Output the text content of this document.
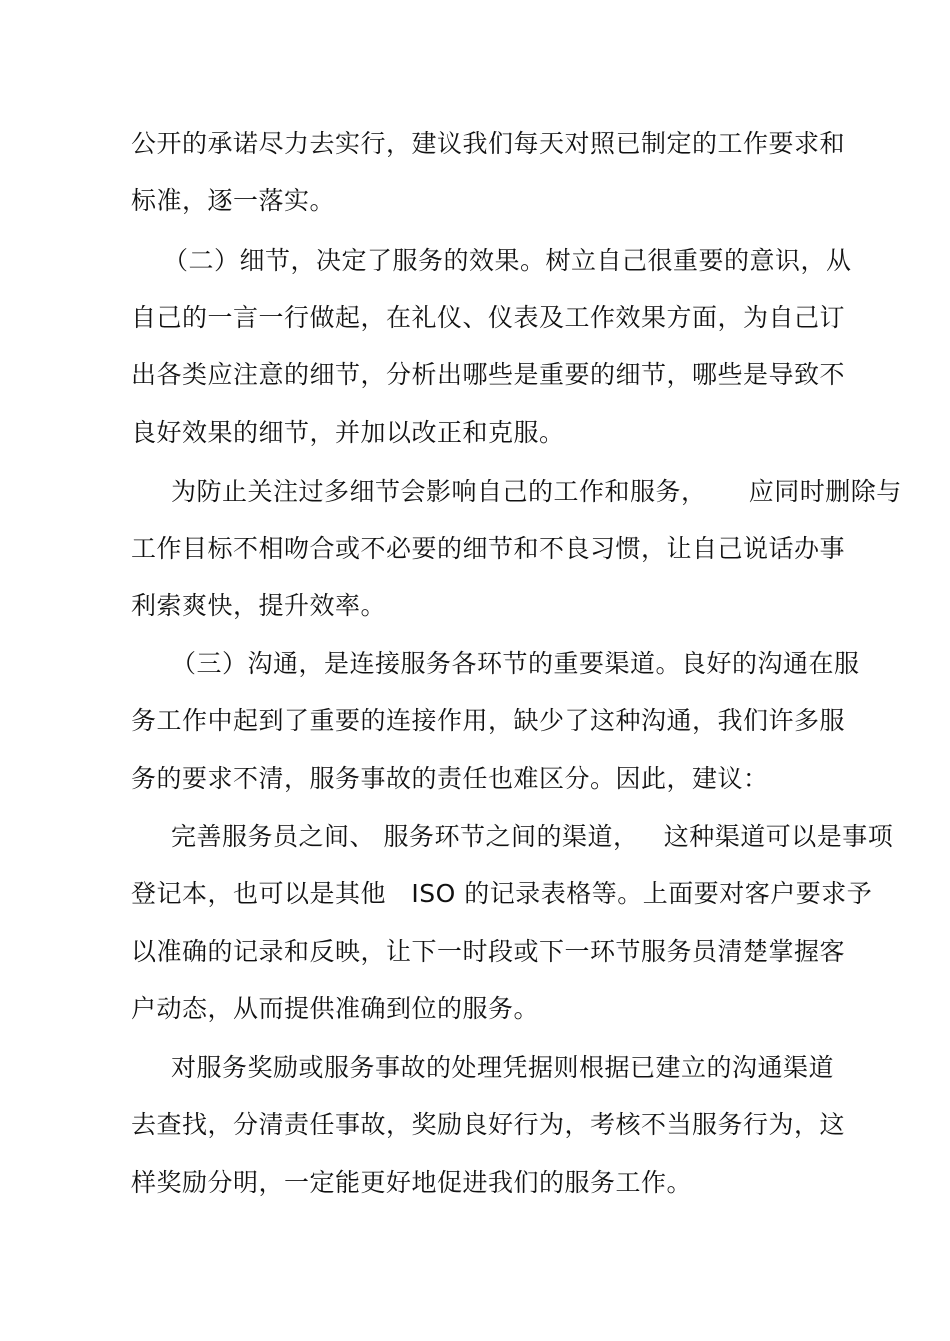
公开的承诺尽力去实行，建议我们每天对照已制定的工作要求和
标准，逐一落实。
（二）细节，决定了服务的效果。树立自己很重要的意识，从
自己的一言一行做起，在礼仪、仪表及工作效果方面，为自己订
出各类应注意的细节，分析出哪些是重要的细节，哪些是导致不
良好效果的细节，并加以改正和克服。
为防止关注过多细节会影响自己的工作和服务，     应同时删除与
工作目标不相吻合或不必要的细节和不良习惯，让自己说话办事
利索爽快，提升效率。
（三）沟通，是连接服务各环节的重要渠道。良好的沟通在服
务工作中起到了重要的连接作用，缺少了这种沟通，我们许多服
务的要求不清，服务事故的责任也难区分。因此，建议：
完善服务员之间、 服务环节之间的渠道，   这种渠道可以是事项
登记本，也可以是其他   ISO 的记录表格等。上面要对客户要求予
以准确的记录和反映，让下一时段或下一环节服务员清楚掌握客
户动态，从而提供准确到位的服务。
对服务奖励或服务事故的处理凭据则根据已建立的沟通渠道
去查找，分清责任事故，奖励良好行为，考核不当服务行为，这
样奖励分明，一定能更好地促进我们的服务工作。
